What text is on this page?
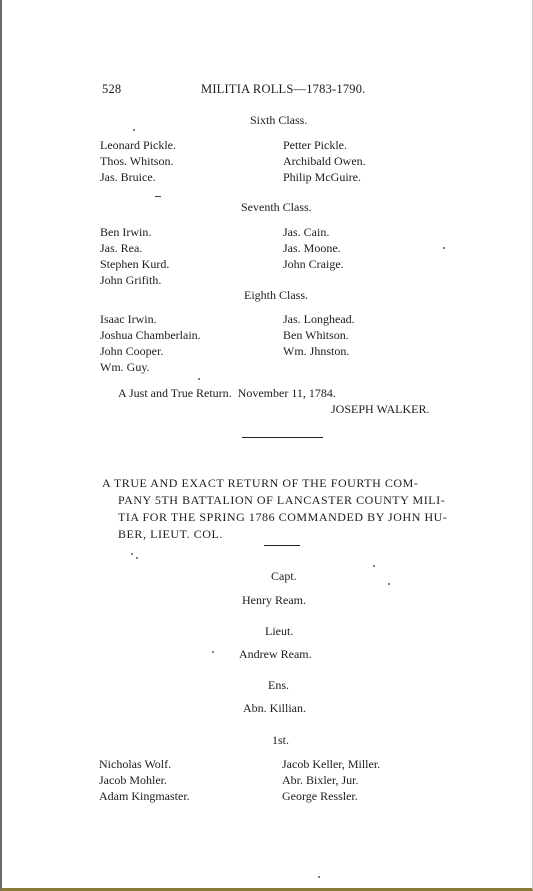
528	MILITIA ROLLS—1783-1790.
Sixth Class.
Leonard Pickle.
Thos. Whitson.
Jas. Bruice.
Petter Pickle.
Archibald Owen.
Philip McGuire.
Seventh Class.
Ben Irwin.
Jas. Rea.
Stephen Kurd.
John Grifith.
Jas. Cain.
Jas. Moone.
John Craige.
Eighth Class.
Isaac Irwin.
Joshua Chamberlain.
John Cooper.
Wm. Guy.
Jas. Longhead.
Ben Whitson.
Wm. Jhnston.
A Just and True Return.  November 11, 1784.
JOSEPH WALKER.
A TRUE AND EXACT RETURN OF THE FOURTH COM-
PANY 5TH BATTALION OF LANCASTER COUNTY MILI-
TIA FOR THE SPRING 1786 COMMANDED BY JOHN HU-
BER, LIEUT. COL.
Capt.
Henry Ream.
Lieut.
Andrew Ream.
Ens.
Abn. Killian.
1st.
Nicholas Wolf.
Jacob Mohler.
Adam Kingmaster.
Jacob Keller, Miller.
Abr. Bixler, Jur.
George Ressler.
